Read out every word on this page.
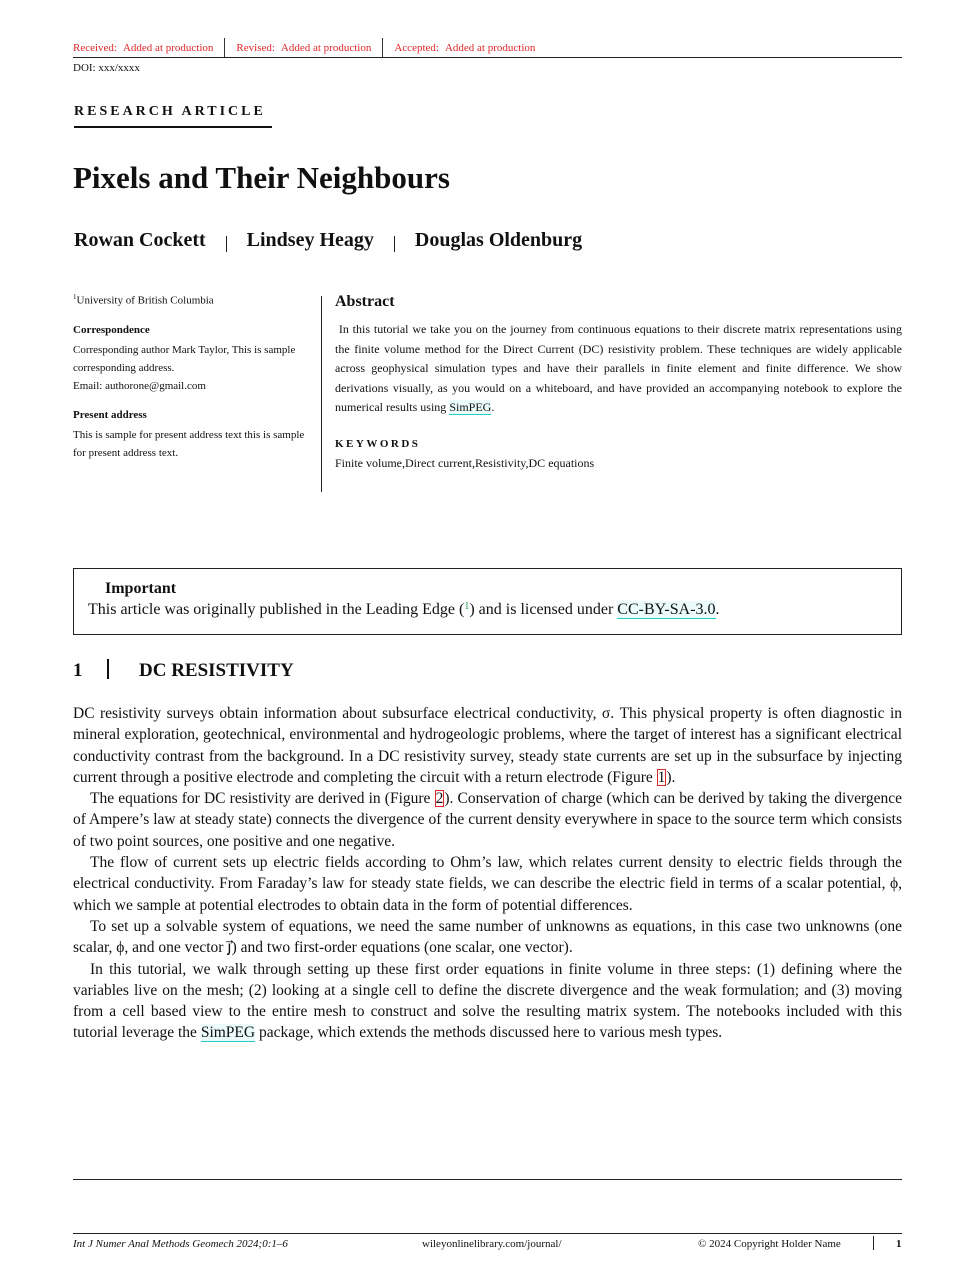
Received: Added at production	Revised: Added at production	Accepted: Added at production
DOI: xxx/xxxx
RESEARCH ARTICLE
Pixels and Their Neighbours
Rowan Cockett Lindsey Heagy Douglas Oldenburg
$^1$University of British Columbia
Correspondence
Corresponding author Mark Taylor, This is sample corresponding address.
Email: authorone@gmail.com
Present address
This is sample for present address text this is sample for present address text.
Abstract
In this tutorial we take you on the journey from continuous equations to their discrete matrix representations using the finite volume method for the Direct Current (DC) resistivity problem. These techniques are widely applicable across geophysical simulation types and have their parallels in finite element and finite difference. We show derivations visually, as you would on a whiteboard, and have provided an accompanying notebook to explore the numerical results using SimPEG.
KEYWORDS
Finite volume,Direct current,Resistivity,DC equations
Important
This article was originally published in the Leading Edge ($^1$) and is licensed under CC-BY-SA-3.0.
1	DC RESISTIVITY

DC resistivity surveys obtain information about subsurface electrical conductivity, σ. This physical property is often diagnostic in mineral exploration, geotechnical, environmental and hydrogeologic problems, where the target of interest has a significant electrical conductivity contrast from the background. In a DC resistivity survey, steady state currents are set up in the subsurface by injecting current through a positive electrode and completing the circuit with a return electrode (Figure 1).

The equations for DC resistivity are derived in (Figure 2). Conservation of charge (which can be derived by taking the divergence of Ampere’s law at steady state) connects the divergence of the current density everywhere in space to the source term which consists of two point sources, one positive and one negative.

The flow of current sets up electric fields according to Ohm’s law, which relates current density to electric fields through the electrical conductivity. From Faraday’s law for steady state fields, we can describe the electric field in terms of a scalar potential, ϕ, which we sample at potential electrodes to obtain data in the form of potential differences.

To set up a solvable system of equations, we need the same number of unknowns as equations, in this case two unknowns (one scalar, ϕ, and one vector j⃗) and two first-order equations (one scalar, one vector).

In this tutorial, we walk through setting up these first order equations in finite volume in three steps: (1) defining where the variables live on the mesh; (2) looking at a single cell to define the discrete divergence and the weak formulation; and (3) moving from a cell based view to the entire mesh to construct and solve the resulting matrix system. The notebooks included with this tutorial leverage the SimPEG package, which extends the methods discussed here to various mesh types.

Int J Numer Anal Methods Geomech 2024;0:1–6	wileyonlinelibrary.com/journal/	© 2024 Copyright Holder Name	1
